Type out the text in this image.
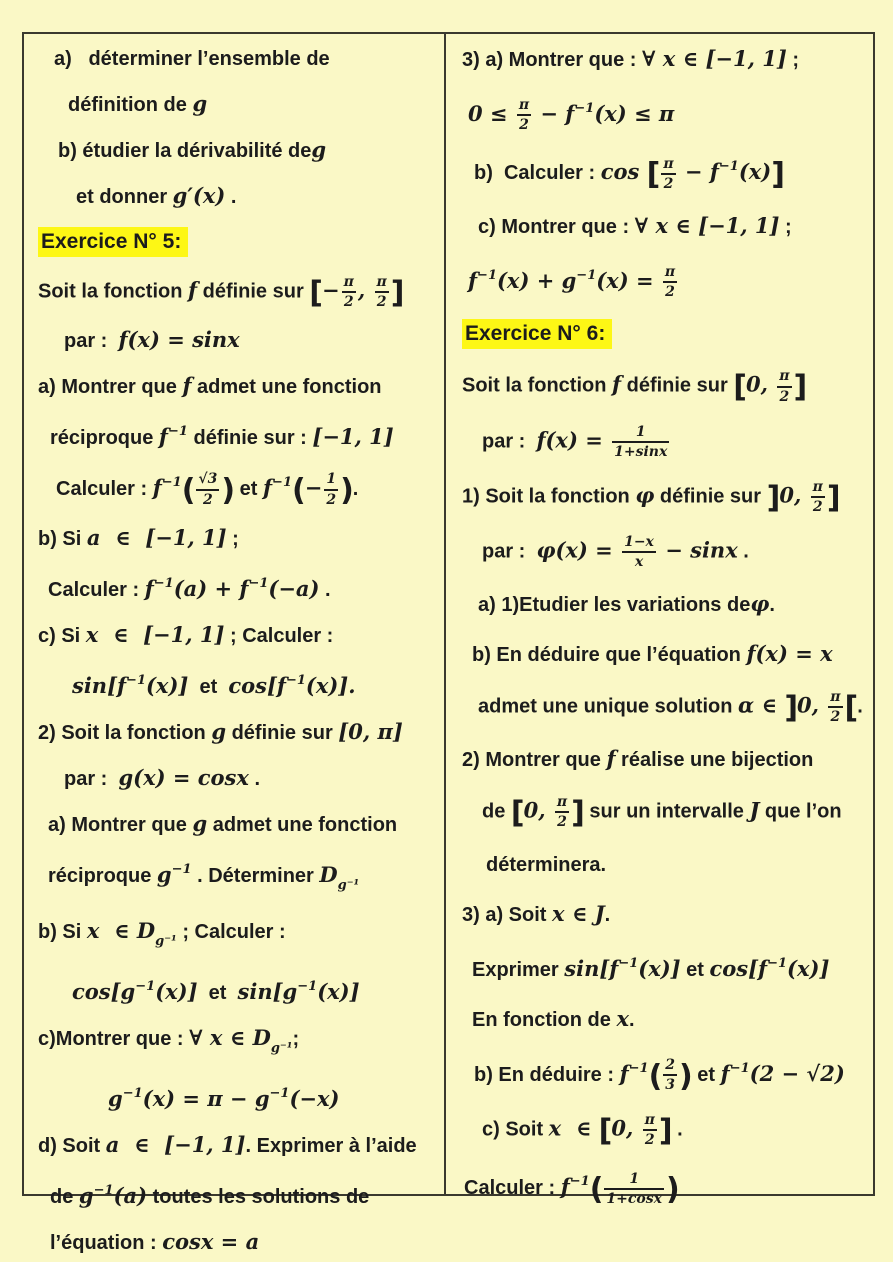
a)   déterminer l’ensemble de
définition de g
b) étudier la dérivabilité deg
et donner g′(x) .
Exercice N° 5:
Soit la fonction f définie sur [− $\frac{\pi}{2}$ , $\frac{\pi}{2}$ ]
par :  f(x) = sinx
a) Montrer que f admet une fonction
réciproque $f^{-1}$ définie sur : [−1, 1]
Calculer : $f^{-1}( \frac{√3}{2}$ ) et $f^{-1}(- \frac{1}{2}$ ).
b) Si a  ∈  [−1, 1] ;
Calculer : $f^{-1}(a) + f^{-1}(-a)$ .
c) Si x  ∈  [−1, 1] ; Calculer :
$\sin[f^{-1}(x)]$  et  $\cos[f^{-1}(x)]$.
2) Soit la fonction g définie sur [0, π]
par :  g(x) = cosx .
a) Montrer que g admet une fonction
réciproque $g^{-1}$ . Déterminer $D_{g^{-1}}$
b) Si x  ∈ $D_{g^{-1}}$ ; Calculer :
$\cos[g^{-1}(x)]$  et  $\sin[g^{-1}(x)]$
c)Montrer que : ∀ x ∈ $D_{g^{-1}}$;
$g^{-1}(x) = \pi - g^{-1}(-x)$
d) Soit a  ∈  [−1, 1]. Exprimer à l’aide
de $g^{-1}(a)$ toutes les solutions de
l’équation : cosx = a
3) a) Montrer que : ∀ x ∈ [−1, 1] ;
$0 \le \frac{\pi}{2} - f^{-1}(x) \le \pi$
b)  Calculer : cos [ $\frac{\pi}{2} - f^{-1}(x)$]
c) Montrer que : ∀ x ∈ [−1, 1] ;
$f^{-1}(x) + g^{-1}(x) = \frac{\pi}{2}$
Exercice N° 6:
Soit la fonction f définie sur [0, $\frac{\pi}{2}$ ]
par :  $f(x) = \frac{1}{1+\sin x}$
1) Soit la fonction φ définie sur ]0, $\frac{\pi}{2}$ ]
par :  $\varphi(x) = \frac{1-x}{x} - \sin x$ .
a) 1)Etudier les variations deφ.
b) En déduire que l’équation f(x) = x
admet une unique solution α ∈ ]0, $\frac{\pi}{2}$ [.
2) Montrer que f réalise une bijection
de [0, $\frac{\pi}{2}$ ] sur un intervalle J que l’on
déterminera.
3) a) Soit x ∈ J.
Exprimer $\sin[f^{-1}(x)]$ et $\cos[f^{-1}(x)]$
En fonction de x.
b) En déduire : $f^{-1}( \frac{2}{3}$ ) et $f^{-1}(2 - √2)$
c) Soit x  ∈ [0, $\frac{\pi}{2}$ ] .
Calculer : $f^{-1}( \frac{1}{1+\cos x}$ )
